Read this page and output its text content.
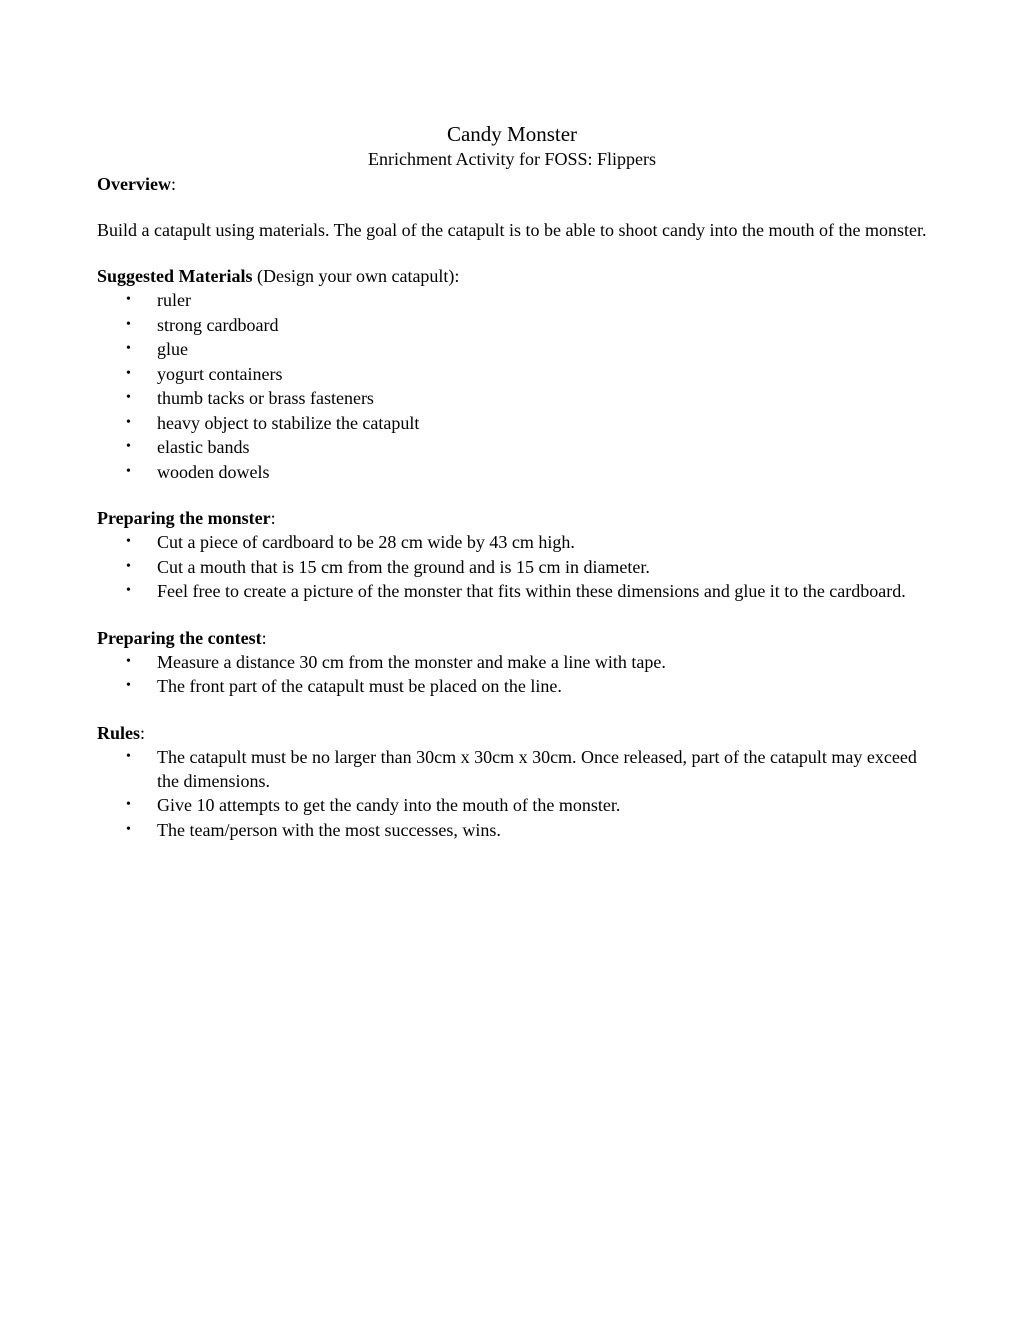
Candy Monster
Enrichment Activity for FOSS: Flippers

Overview:

Build a catapult using materials. The goal of the catapult is to be able to shoot candy into the mouth of the monster.

Suggested Materials (Design your own catapult):

• ruler
• strong cardboard
• glue
• yogurt containers
• thumb tacks or brass fasteners
• heavy object to stabilize the catapult
• elastic bands
• wooden dowels

Preparing the monster:

• Cut a piece of cardboard to be 28 cm wide by 43 cm high.
• Cut a mouth that is 15 cm from the ground and is 15 cm in diameter.
• Feel free to create a picture of the monster that fits within these dimensions and glue it to the cardboard.

Preparing the contest:

• Measure a distance 30 cm from the monster and make a line with tape.
• The front part of the catapult must be placed on the line.

Rules:

• The catapult must be no larger than 30cm x 30cm x 30cm. Once released, part of the catapult may exceed the dimensions.
• Give 10 attempts to get the candy into the mouth of the monster.
• The team/person with the most successes, wins.
